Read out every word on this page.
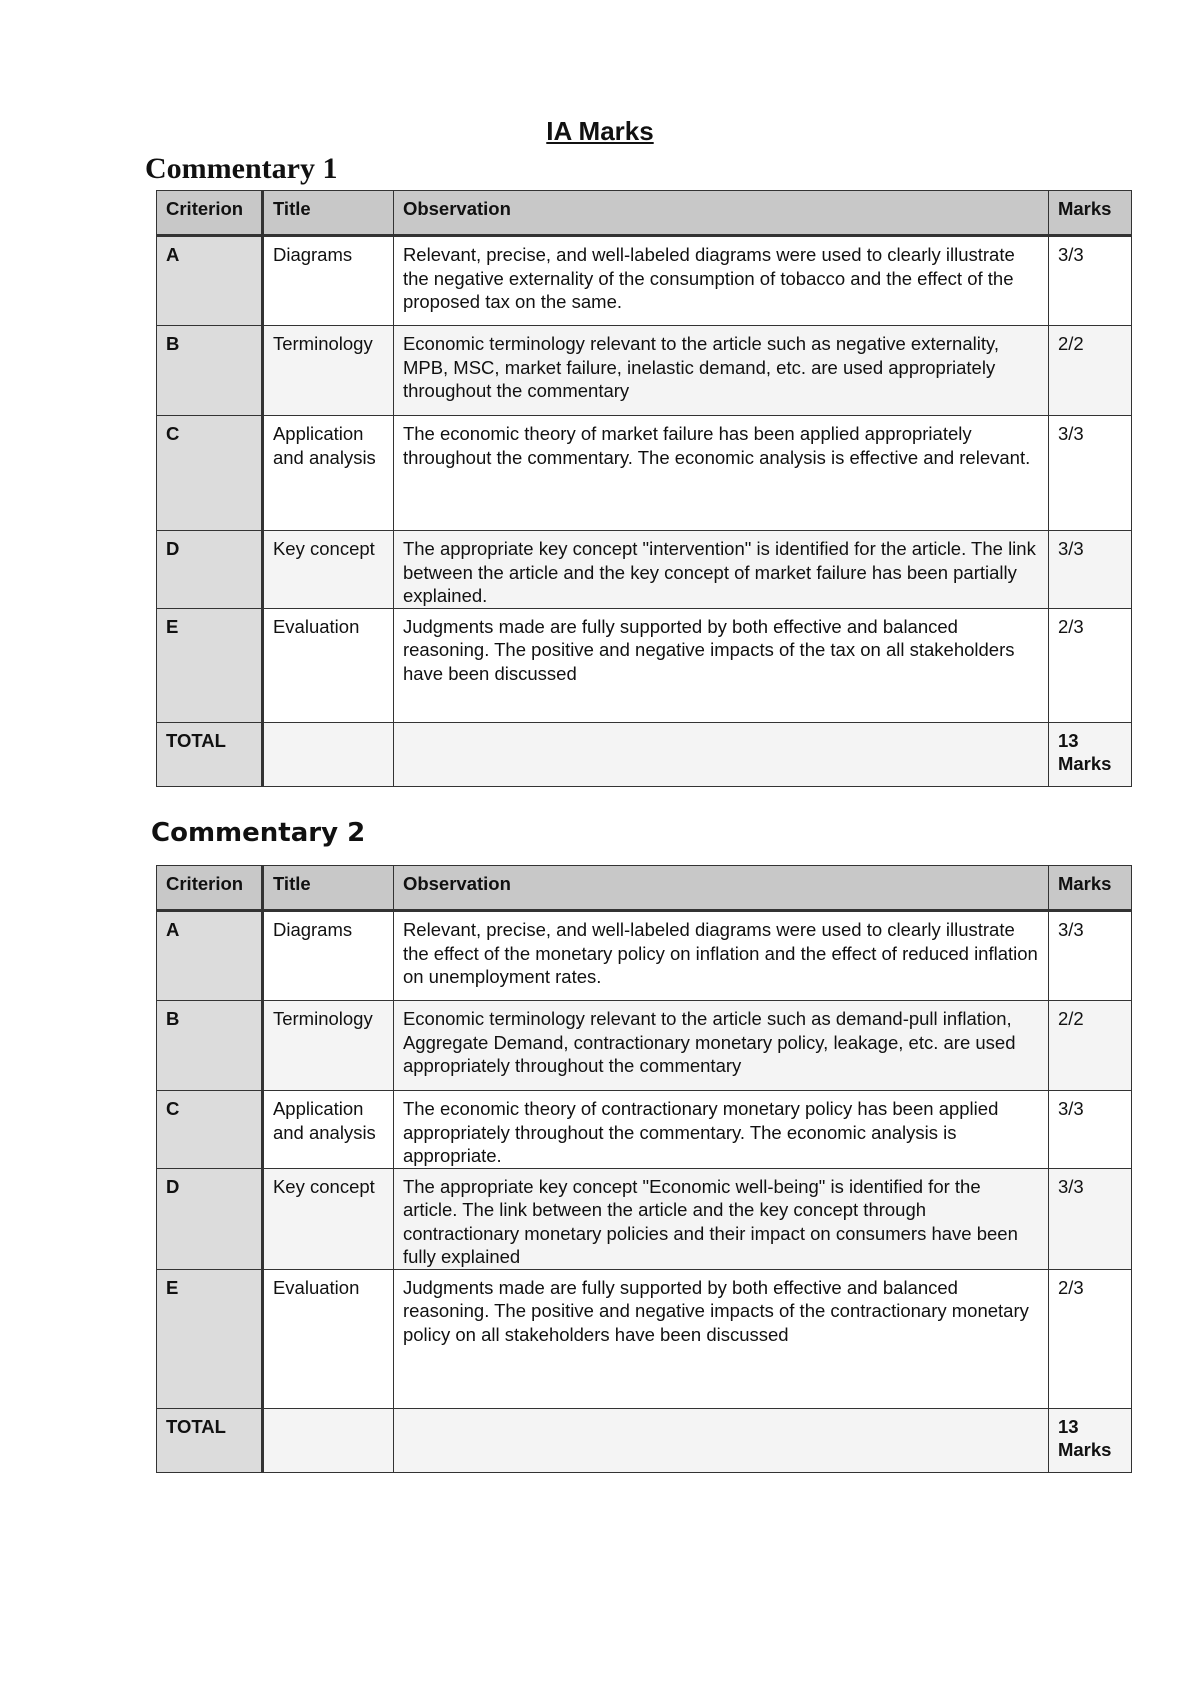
IA Marks
Commentary 1
Criterion	Title	Observation	Marks
A	Diagrams	Relevant, precise, and well-labeled diagrams were used to clearly illustrate the negative externality of the consumption of tobacco and the effect of the proposed tax on the same.	3/3
B	Terminology	Economic terminology relevant to the article such as negative externality, MPB, MSC, market failure, inelastic demand, etc. are used appropriately throughout the commentary	2/2
C	Application and analysis	The economic theory of market failure has been applied appropriately throughout the commentary. The economic analysis is effective and relevant.	3/3
D	Key concept	The appropriate key concept "intervention" is identified for the article. The link between the article and the key concept of market failure has been partially explained.	3/3
E	Evaluation	Judgments made are fully supported by both effective and balanced reasoning. The positive and negative impacts of the tax on all stakeholders have been discussed	2/3
TOTAL			13 Marks
Commentary 2
Criterion	Title	Observation	Marks
A	Diagrams	Relevant, precise, and well-labeled diagrams were used to clearly illustrate the effect of the monetary policy on inflation and the effect of reduced inflation on unemployment rates.	3/3
B	Terminology	Economic terminology relevant to the article such as demand-pull inflation, Aggregate Demand, contractionary monetary policy, leakage, etc. are used appropriately throughout the commentary	2/2
C	Application and analysis	The economic theory of contractionary monetary policy has been applied appropriately throughout the commentary. The economic analysis is appropriate.	3/3
D	Key concept	The appropriate key concept "Economic well-being" is identified for the article. The link between the article and the key concept through contractionary monetary policies and their impact on consumers have been fully explained	3/3
E	Evaluation	Judgments made are fully supported by both effective and balanced reasoning. The positive and negative impacts of the contractionary monetary policy on all stakeholders have been discussed	2/3
TOTAL			13 Marks
